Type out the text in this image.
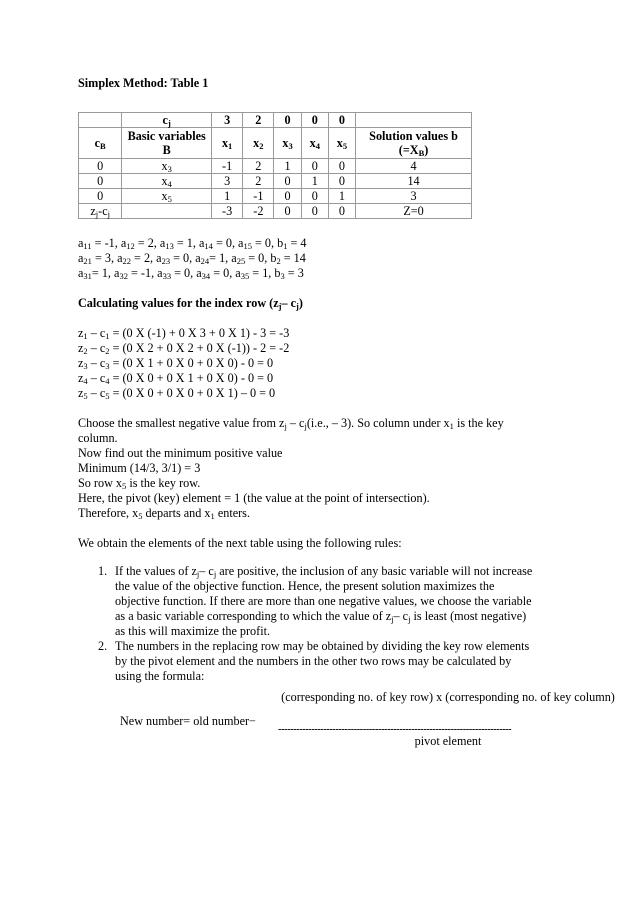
Simplex Method: Table 1
	$c_j$	3	2	0	0	0	
$c_B$	Basic variables B	$x_1$	$x_2$	$x_3$	$x_4$	$x_5$	Solution values b $(=X_B)$
0	$x_3$	-1	2	1	0	0	4
0	$x_4$	3	2	0	1	0	14
0	$x_5$	1	-1	0	0	1	3
$z_j-c_j$		-3	-2	0	0	0	Z=0
$a_{11} = -1$, $a_{12} = 2$, $a_{13} = 1$, $a_{14} = 0$, $a_{15} = 0$, $b_1 = 4$
$a_{21} = 3$, $a_{22} = 2$, $a_{23} = 0$, $a_{24}= 1$, $a_{25} = 0$, $b_2 = 14$
$a_{31}= 1$, $a_{32} = -1$, $a_{33} = 0$, $a_{34} = 0$, $a_{35} = 1$, $b_3 = 3$
Calculating values for the index row ($z_j-$ $c_j$)
$z_1 - c_1 = (0$ X (-1) + 0 X 3 + 0 X 1) - 3 = -3
$z_2 - c_2 = (0$ X 2 + 0 X 2 + 0 X (-1)) - 2 = -2
$z_3 - c_3 = (0$ X 1 + 0 X 0 + 0 X 0) - 0 = 0
$z_4 - c_4 = (0$ X 0 + 0 X 1 + 0 X 0) - 0 = 0
$z_5 - c_5 = (0$ X 0 + 0 X 0 + 0 X 1) – 0 = 0
Choose the smallest negative value from $z_j - c_j(i.e$., – 3). So column under $x_1$ is the key
column.
Now find out the minimum positive value
Minimum (14/3, 3/1) = 3
So row $x_5$ is the key row.
Here, the pivot (key) element = 1 (the value at the point of intersection).
Therefore, $x_5$ departs and $x_1$ enters.
We obtain the elements of the next table using the following rules:
1. If the values of $z_j-$ $c_j$ are positive, the inclusion of any basic variable will not increase
the value of the objective function. Hence, the present solution maximizes the
objective function. If there are more than one negative values, we choose the variable
as a basic variable corresponding to which the value of $z_j-$ $c_j$ is least (most negative)
as this will maximize the profit.
2. The numbers in the replacing row may be obtained by dividing the key row elements
by the pivot element and the numbers in the other two rows may be calculated by
using the formula:
(corresponding no. of key row) x (corresponding no. of key column)
New number= old number−
-----------------------------------------------------------------------------
pivot element
